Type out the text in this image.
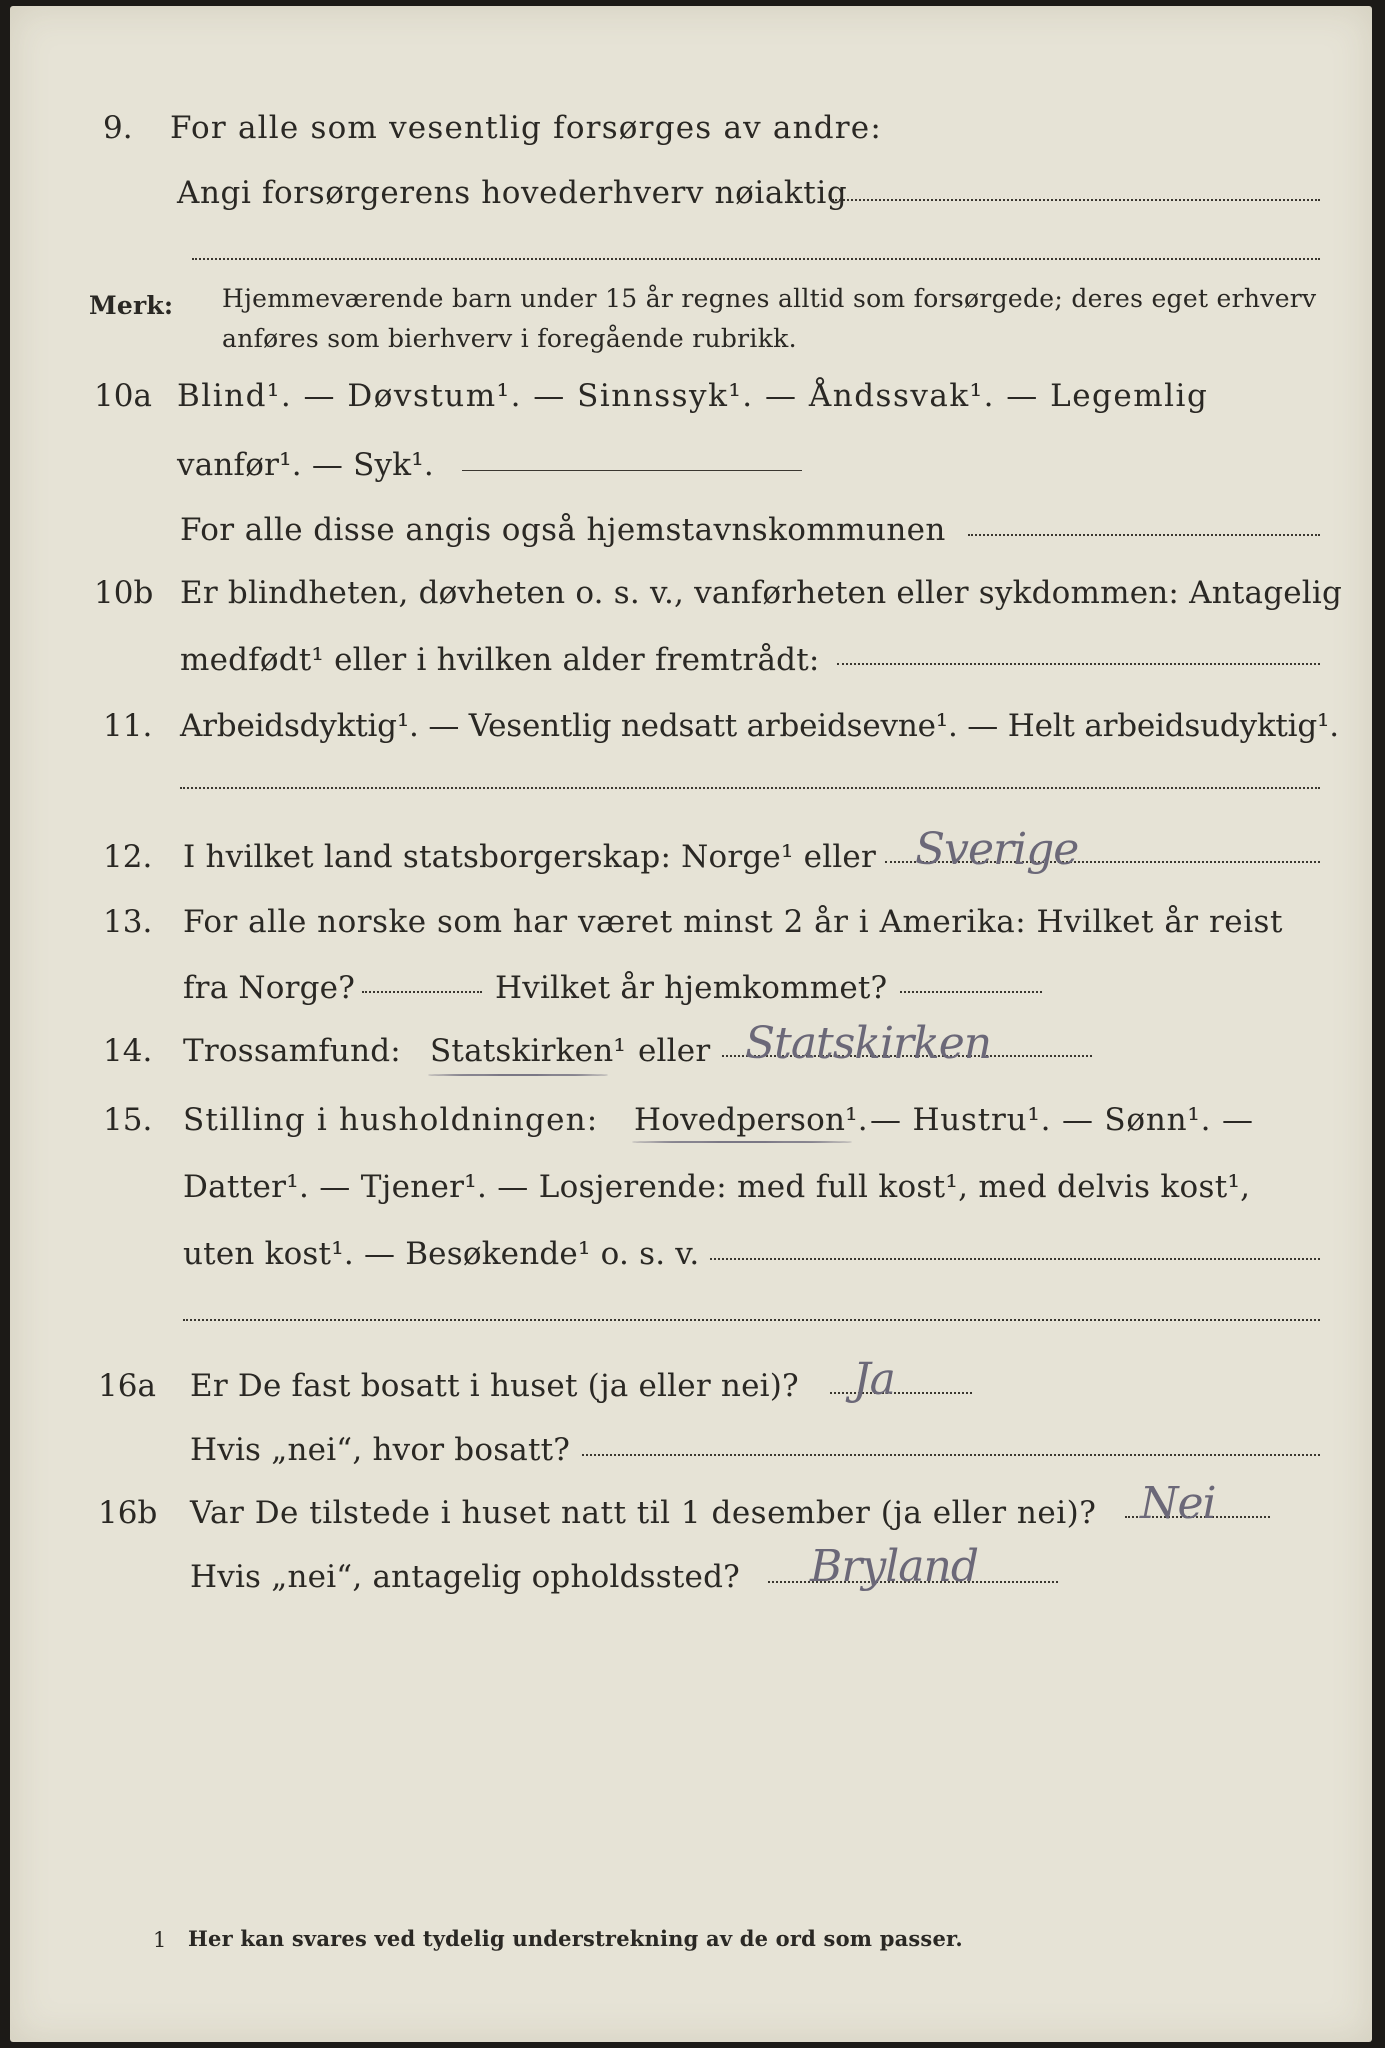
9. For alle som vesentlig forsørges av andre:
Angi forsørgerens hovederhverv nøiaktig
Merk: Hjemmeværende barn under 15 år regnes alltid som forsørgede; deres eget erhverv
anføres som bierhverv i foregående rubrikk.
10a Blind¹. — Døvstum¹. — Sinnssyk¹. — Åndssvak¹. — Legemlig
vanfør¹. — Syk¹.
For alle disse angis også hjemstavnskommunen
10b Er blindheten, døvheten o. s. v., vanførheten eller sykdommen: Antagelig
medfødt¹ eller i hvilken alder fremtrådt:
11. Arbeidsdyktig¹. — Vesentlig nedsatt arbeidsevne¹. — Helt arbeidsudyktig¹.
12. I hvilket land statsborgerskap: Norge¹ eller Sverige
13. For alle norske som har været minst 2 år i Amerika: Hvilket år reist
fra Norge?	Hvilket år hjemkommet?
14. Trossamfund: Statskirken¹ eller Statskirken
15. Stilling i husholdningen: Hovedperson¹. — Hustru¹. — Sønn¹. —
Datter¹. — Tjener¹. — Losjerende: med full kost¹, med delvis kost¹,
uten kost¹. — Besøkende¹ o. s. v.
16a Er De fast bosatt i huset (ja eller nei)? Ja
Hvis „nei“, hvor bosatt?
16b Var De tilstede i huset natt til 1 desember (ja eller nei)? Nei
Hvis „nei“, antagelig opholdssted? Bryland
1 Her kan svares ved tydelig understrekning av de ord som passer.
